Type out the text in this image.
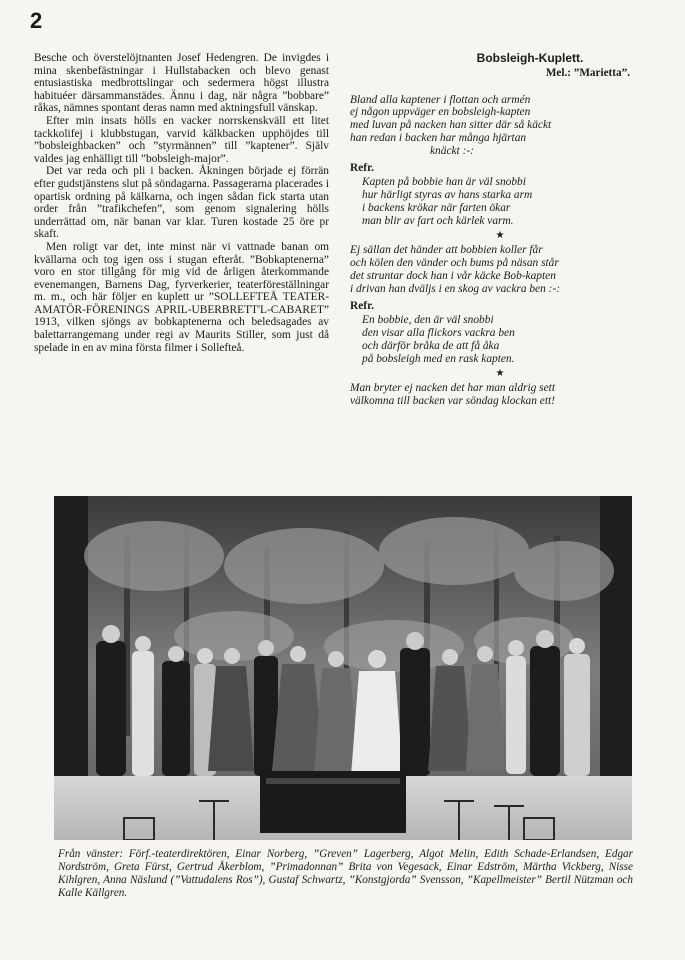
2

Besche och överstelöjtnanten Josef Hedengren. De invigdes i mina skenbefästningar i Hullstabacken och blevo genast entusiastiska medbrottslingar och sedermera högst illustra habituéer därsammanstädes. Ännu i dag, när några ”bobbare” råkas, nämnes spontant deras namn med aktningsfull vänskap.

Efter min insats hölls en vacker norrskenskväll ett litet tackkolifej i klubbstugan, varvid kälkbacken upphöjdes till ”bobsleighbacken” och ”styrmännen” till ”kaptener”. Själv valdes jag enhälligt till ”bobsleigh-major”.

Det var reda och pli i backen. Åkningen började ej förrän efter gudstjänstens slut på söndagarna. Passagerarna placerades i opartisk ordning på kälkarna, och ingen sådan fick starta utan order från ”trafikchefen”, som genom signalering hölls underrättad om, när banan var klar. Turen kostade 25 öre pr skaft.

Men roligt var det, inte minst när vi vattnade banan om kvällarna och tog igen oss i stugan efteråt. ”Bobkaptenerna” voro en stor tillgång för mig vid de årligen återkommande evenemangen, Barnens Dag, fyrverkerier, teaterföreställningar m. m., och här följer en kuplett ur ”SOLLEFTEÅ TEATER-AMATÖR-FÖRENINGS APRIL-UBERBRETT'L-CABARET” 1913, vilken sjöngs av bobkaptenerna och beledsagades av balettarrangemang under regi av Maurits Stiller, som just då spelade in en av mina första filmer i Sollefteå.

Bobsleigh-Kuplett.
Mel.: ”Marietta”.
Bland alla kaptener i flottan och armén
ej någon uppväger en bobsleigh-kapten
med luvan på nacken han sitter där så käckt
han redan i backen har många hjärtan
knäckt :-:
Refr.
Kapten på bobbie han är väl snobbi
hur härligt styras av hans starka arm
i backens krökar när farten ökar
man blir av fart och kärlek varm.
★
Ej sällan det händer att bobbien koller får
och kölen den vänder och bums på näsan står
det struntar dock han i vår käcke Bob-kapten
i drivan han dväljs i en skog av vackra ben :-:
Refr.
En bobbie, den är väl snobbi
den visar alla flickors vackra ben
och därför bråka de att få åka
på bobsleigh med en rask kapten.
★
Man bryter ej nacken det har man aldrig sett
välkomna till backen var söndag klockan ett!
Från vänster: Förf.-teaterdirektören, Einar Norberg, ”Greven” Lagerberg, Algot Melin, Edith Schade-Erlandsen, Edgar Nordström, Greta Fürst, Gertrud Åkerblom, ”Primadonnan” Brita von Vegesack, Einar Edström, Märtha Vickberg, Nisse Kihlgren, Anna Näslund (”Vattudalens Ros”), Gustaf Schwartz, ”Konstgjorda” Svensson, ”Kapellmeister” Bertil Nützman och Kalle Källgren.
